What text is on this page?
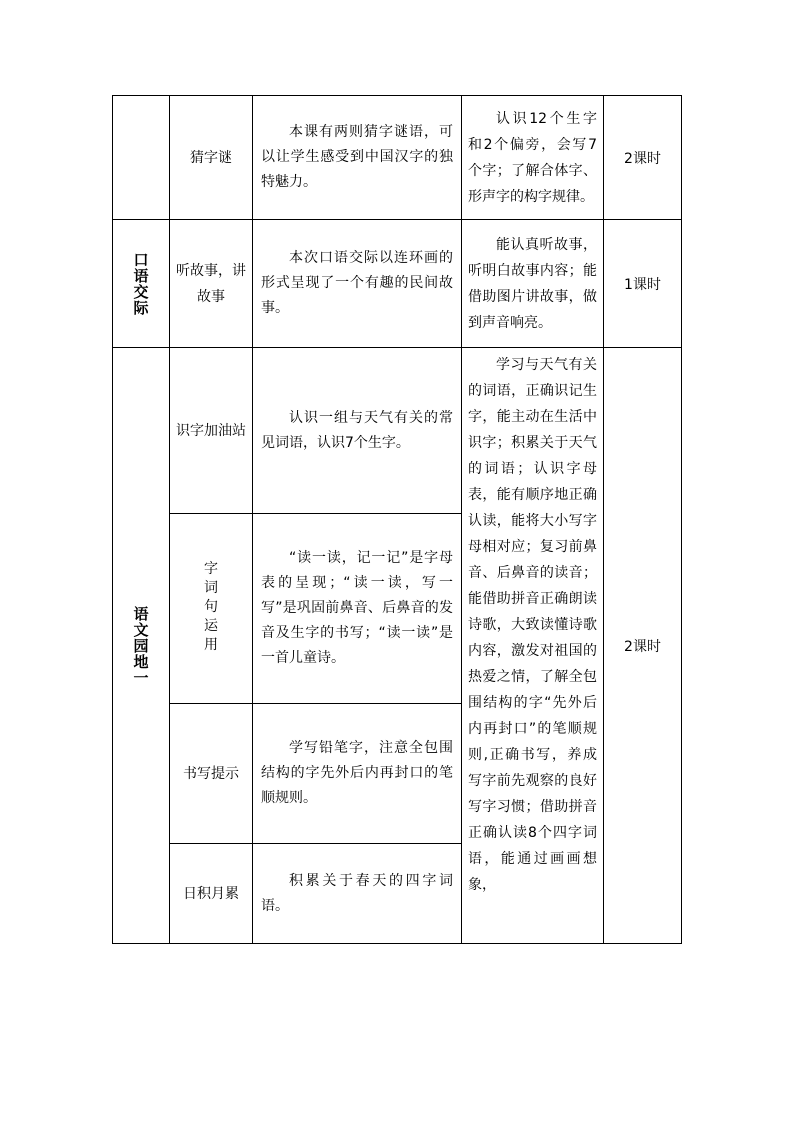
	猜字谜	本课有两则猜字谜语，可以让学生感受到中国汉字的独特魅力。	认识12个生字和2个偏旁，会写7个字；了解合体字、形声字的构字规律。	2课时
口语交际	听故事，讲故事	本次口语交际以连环画的形式呈现了一个有趣的民间故事。	能认真听故事，听明白故事内容；能借助图片讲故事，做到声音响亮。	1课时
语文园地一	识字加油站	认识一组与天气有关的常见词语，认识7个生字。	学习与天气有关的词语，正确识记生字，能主动在生活中识字；积累关于天气的词语；认识字母表，能有顺序地正确认读，能将大小写字母相对应；复习前鼻音、后鼻音的读音；能借助拼音正确朗读诗歌，大致读懂诗歌内容，激发对祖国的热爱之情，了解全包围结构的字“先外后内再封口”的笔顺规则,正确书写，养成写字前先观察的良好写字习惯；借助拼音正确认读8个四字词语，能通过画画想象，	2课时
	字词句运用	“读一读，记一记”是字母表的呈现；“读一读，写一写”是巩固前鼻音、后鼻音的发音及生字的书写；“读一读”是一首儿童诗。		

	书写提示	学写铅笔字，注意全包围结构的字先外后内再封口的笔顺规则。		

	日积月累	积累关于春天的四字词语。		
